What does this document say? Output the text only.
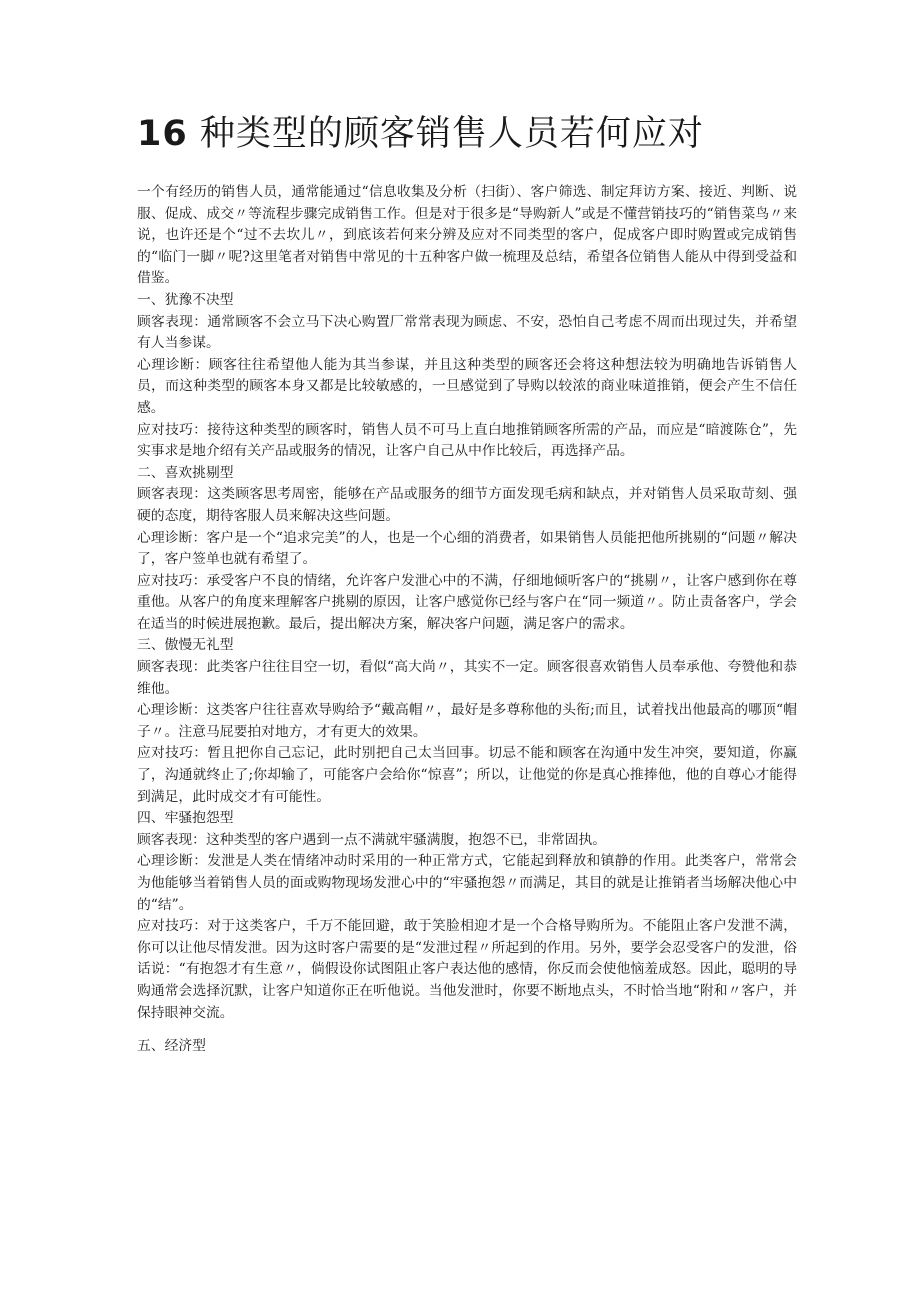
16 种类型的顾客销售人员若何应对

一个有经历的销售人员，通常能通过“信息收集及分析（扫街）、客户筛选、制定拜访方案、接近、判断、说服、促成、成交〃等流程步骤完成销售工作。但是对于很多是“导购新人”或是不懂营销技巧的“销售菜鸟〃来说，也许还是个“过不去坎儿〃，到底该若何来分辨及应对不同类型的客户，促成客户即时购置或完成销售的“临门一脚〃呢?这里笔者对销售中常见的十五种客户做一梳理及总结，希望各位销售人能从中得到受益和借鉴。

一、犹豫不决型

顾客表现：通常顾客不会立马下决心购置厂常常表现为顾虑、不安，恐怕自己考虑不周而出现过失，并希望有人当参谋。

心理诊断：顾客往往希望他人能为其当参谋，并且这种类型的顾客还会将这种想法较为明确地告诉销售人员，而这种类型的顾客本身又都是比较敏感的，一旦感觉到了导购以较浓的商业味道推销，便会产生不信任感。

应对技巧：接待这种类型的顾客时，销售人员不可马上直白地推销顾客所需的产品，而应是“暗渡陈仓”，先实事求是地介绍有关产品或服务的情况，让客户自己从中作比较后，再选择产品。

二、喜欢挑剔型

顾客表现：这类顾客思考周密，能够在产品或服务的细节方面发现毛病和缺点，并对销售人员采取苛刻、强硬的态度，期待客服人员来解决这些问题。

心理诊断：客户是一个“追求完美”的人，也是一个心细的消费者，如果销售人员能把他所挑剔的“问题〃解决了，客户签单也就有希望了。

应对技巧：承受客户不良的情绪，允许客户发泄心中的不满，仔细地倾听客户的“挑剔〃，让客户感到你在尊重他。从客户的角度来理解客户挑剔的原因，让客户感觉你已经与客户在“同一频道〃。防止责备客户，学会在适当的时候进展抱歉。最后，提出解决方案，解决客户问题，满足客户的需求。

三、傲慢无礼型

顾客表现：此类客户往往目空一切，看似“高大尚〃，其实不一定。顾客很喜欢销售人员奉承他、夸赞他和恭维他。

心理诊断：这类客户往往喜欢导购给予“戴高帽〃，最好是多尊称他的头衔;而且，试着找出他最高的哪顶“帽子〃。注意马屁要拍对地方，才有更大的效果。

应对技巧：暂且把你自己忘记，此时别把自己太当回事。切忌不能和顾客在沟通中发生冲突，要知道，你赢了，沟通就终止了;你却输了，可能客户会给你“惊喜”；所以，让他觉的你是真心推捧他，他的自尊心才能得到满足，此时成交才有可能性。

四、牢骚抱怨型

顾客表现：这种类型的客户遇到一点不满就牢骚满腹，抱怨不已，非常固执。

心理诊断：发泄是人类在情绪冲动时采用的一种正常方式，它能起到释放和镇静的作用。此类客户，常常会为他能够当着销售人员的面或购物现场发泄心中的“牢骚抱怨〃而满足，其目的就是让推销者当场解决他心中的“结”。

应对技巧：对于这类客户，千万不能回避，敢于笑脸相迎才是一个合格导购所为。不能阻止客户发泄不满，你可以让他尽情发泄。因为这时客户需要的是“发泄过程〃所起到的作用。另外，要学会忍受客户的发泄，俗话说：“有抱怨才有生意〃，倘假设你试图阻止客户表达他的感情，你反而会使他恼羞成怒。因此，聪明的导购通常会选择沉默，让客户知道你正在听他说。当他发泄时，你要不断地点头，不时恰当地“附和〃客户，并保持眼神交流。

五、经济型
